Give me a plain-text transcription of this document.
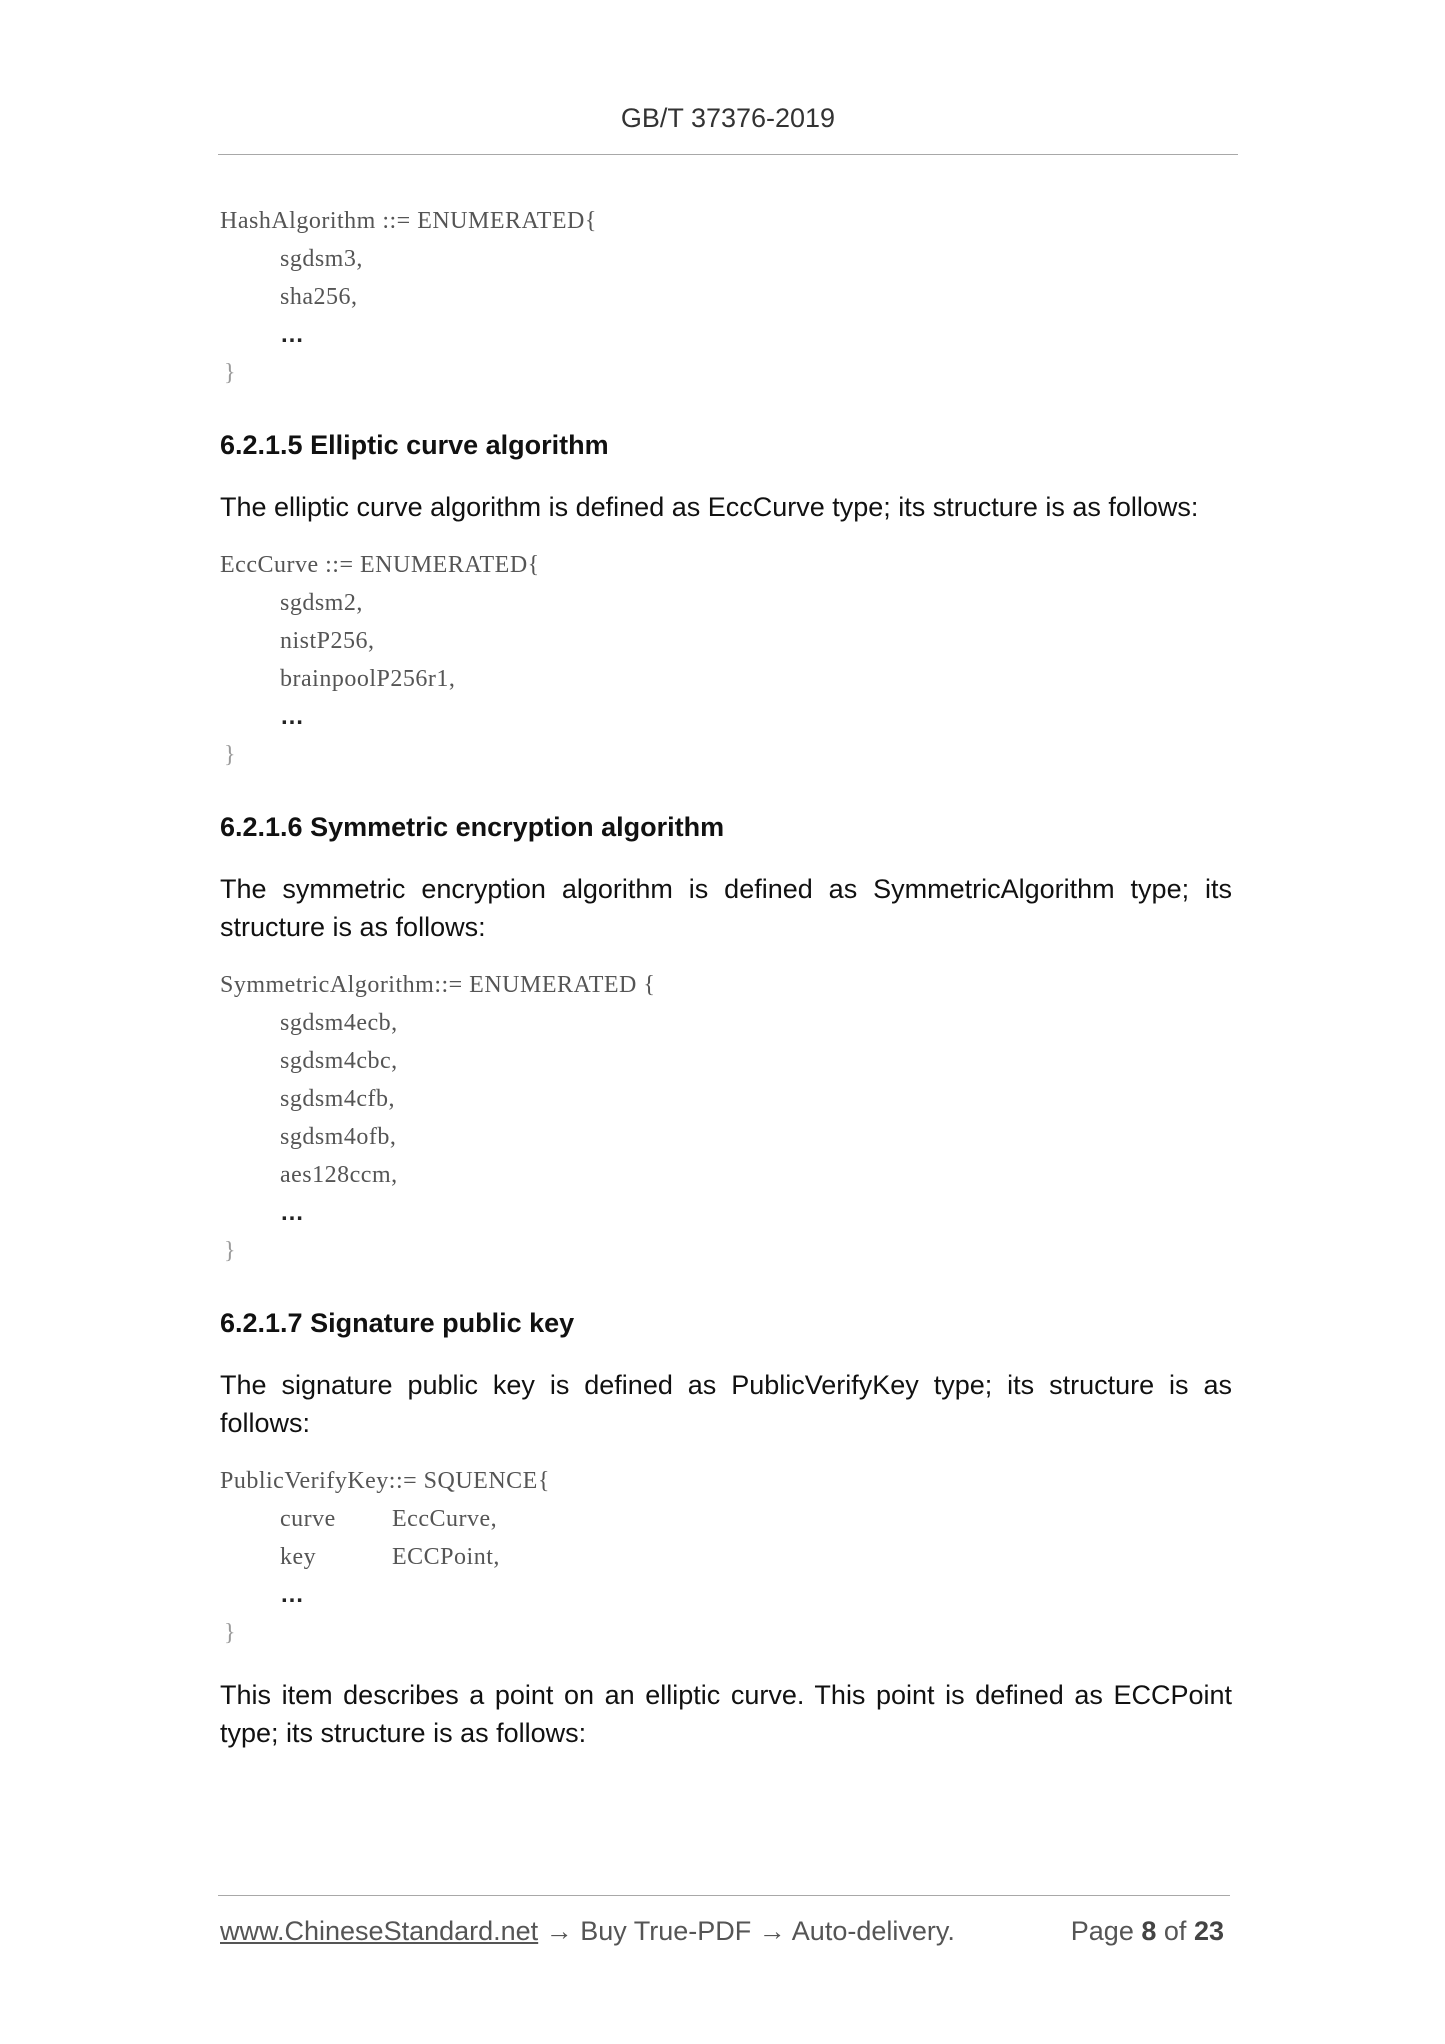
GB/T 37376-2019
HashAlgorithm ::= ENUMERATED{
sgdsm3,
sha256,
…
}
6.2.1.5 Elliptic curve algorithm
The elliptic curve algorithm is defined as EccCurve type; its structure is as follows:
EccCurve ::= ENUMERATED{
sgdsm2,
nistP256,
brainpoolP256r1,
…
}
6.2.1.6 Symmetric encryption algorithm
The symmetric encryption algorithm is defined as SymmetricAlgorithm type; its structure is as follows:
SymmetricAlgorithm::= ENUMERATED {
sgdsm4ecb,
sgdsm4cbc,
sgdsm4cfb,
sgdsm4ofb,
aes128ccm,
…
}
6.2.1.7 Signature public key
The signature public key is defined as PublicVerifyKey type; its structure is as follows:
PublicVerifyKey::= SQUENCE{
curve EccCurve,
key	ECCPoint,
…
}
This item describes a point on an elliptic curve. This point is defined as ECCPoint type; its structure is as follows:
www.ChineseStandard.net → Buy True-PDF → Auto-delivery.	Page 8 of 23
